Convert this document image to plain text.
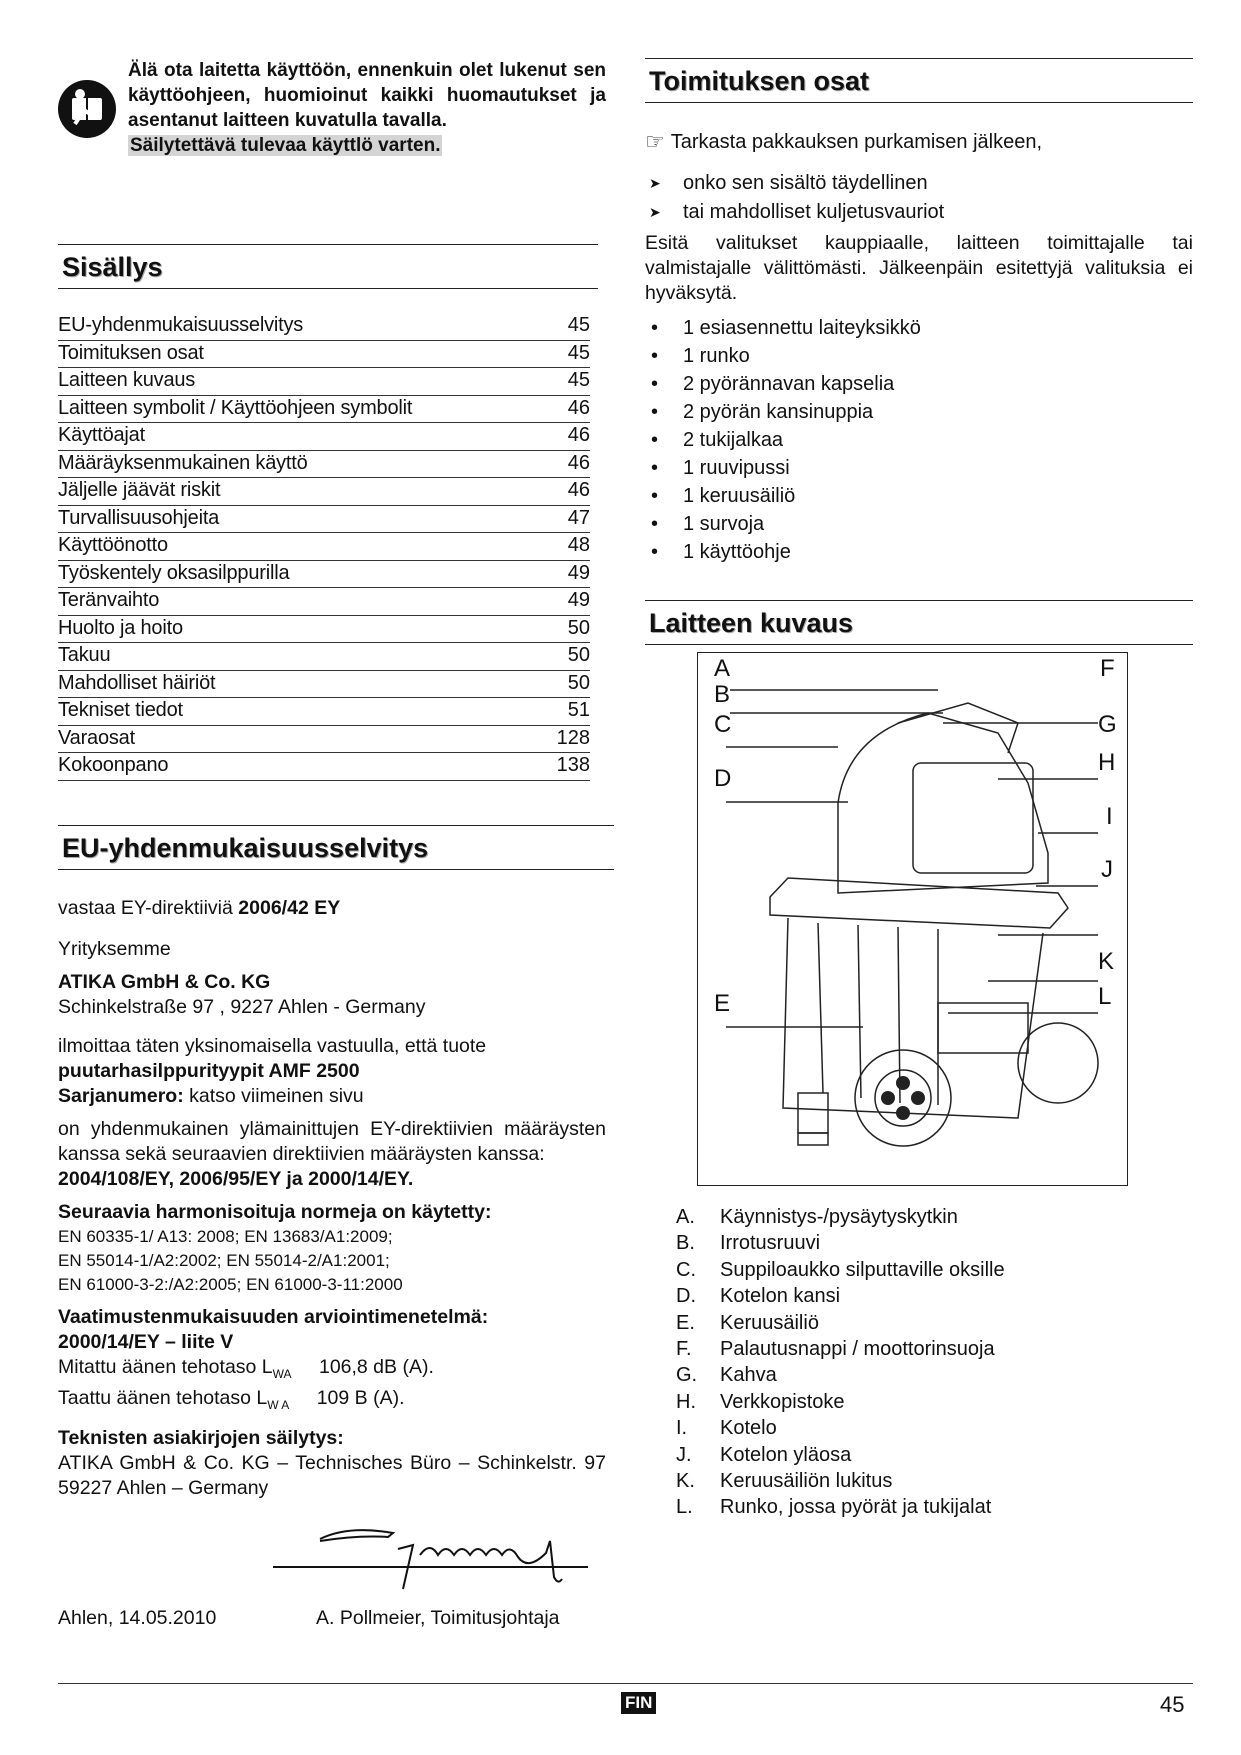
Älä ota laitetta käyttöön, ennenkuin olet lukenut sen käyttöohjeen, huomioinut kaikki huomautukset ja asentanut laitteen kuvatulla tavalla.
Säilytettävä tulevaa käyttlö varten.
Sisällys
EU-yhdenmukaisuusselvitys	45
Toimituksen osat	45
Laitteen kuvaus	45
Laitteen symbolit / Käyttöohjeen symbolit	46
Käyttöajat	46
Määräyksenmukainen käyttö	46
Jäljelle jäävät riskit	46
Turvallisuusohjeita	47
Käyttöönotto	48
Työskentely oksasilppurilla	49
Teränvaihto	49
Huolto ja hoito	50
Takuu	50
Mahdolliset häiriöt	50
Tekniset tiedot	51
Varaosat	128
Kokoonpano	138
EU-yhdenmukaisuusselvitys

vastaa EY-direktiiviä 2006/42 EY

Yrityksemme

ATIKA GmbH & Co. KG

Schinkelstraße 97 , 9227 Ahlen - Germany

ilmoittaa täten yksinomaisella vastuulla, että tuote

puutarhasilppurityypit AMF 2500

Sarjanumero: katso viimeinen sivu

on yhdenmukainen ylämainittujen EY-direktiivien määräysten kanssa sekä seuraavien direktiivien määräysten kanssa:

2004/108/EY, 2006/95/EY ja 2000/14/EY.

Seuraavia harmonisoituja normeja on käytetty:

EN 60335-1/ A13: 2008; EN 13683/A1:2009;

EN 55014-1/A2:2002; EN 55014-2/A1:2001;

EN 61000-3-2:/A2:2005; EN 61000-3-11:2000

Vaatimustenmukaisuuden arviointimenetelmä:

2000/14/EY – liite V

Mitattu äänen tehotaso $L_{WA}$ 106,8 dB (A).

Taattu äänen tehotaso $L_{W A}$ 109 B (A).

Teknisten asiakirjojen säilytys:

ATIKA GmbH & Co. KG – Technisches Büro – Schinkelstr. 97 59227 Ahlen – Germany

Ahlen, 14.05.2010	A. Pollmeier, Toimitusjohtaja
Toimituksen osat
☞ Tarkasta pakkauksen purkamisen jälkeen,
➤ onko sen sisältö täydellinen
➤ tai mahdolliset kuljetusvauriot

Esitä valitukset kauppiaalle, laitteen toimittajalle tai valmistajalle välittömästi. Jälkeenpäin esitettyjä valituksia ei hyväksytä.

• 1 esiasennettu laiteyksikkö
• 1 runko
• 2 pyörännavan kapselia
• 2 pyörän kansinuppia
• 2 tukijalkaa
• 1 ruuvipussi
• 1 keruusäiliö
• 1 survoja
• 1 käyttöohje
Laitteen kuvaus
A
B
C
D
E
F
G
H
I
J
K
L
A.	Käynnistys-/pysäytyskytkin
B.	Irrotusruuvi
C.	Suppiloaukko silputtaville oksille
D.	Kotelon kansi
E.	Keruusäiliö
F.	Palautusnappi / moottorinsuoja
G.	Kahva
H.	Verkkopistoke
I.	Kotelo
J.	Kotelon yläosa
K.	Keruusäiliön lukitus
L.	Runko, jossa pyörät ja tukijalat
FIN	45
